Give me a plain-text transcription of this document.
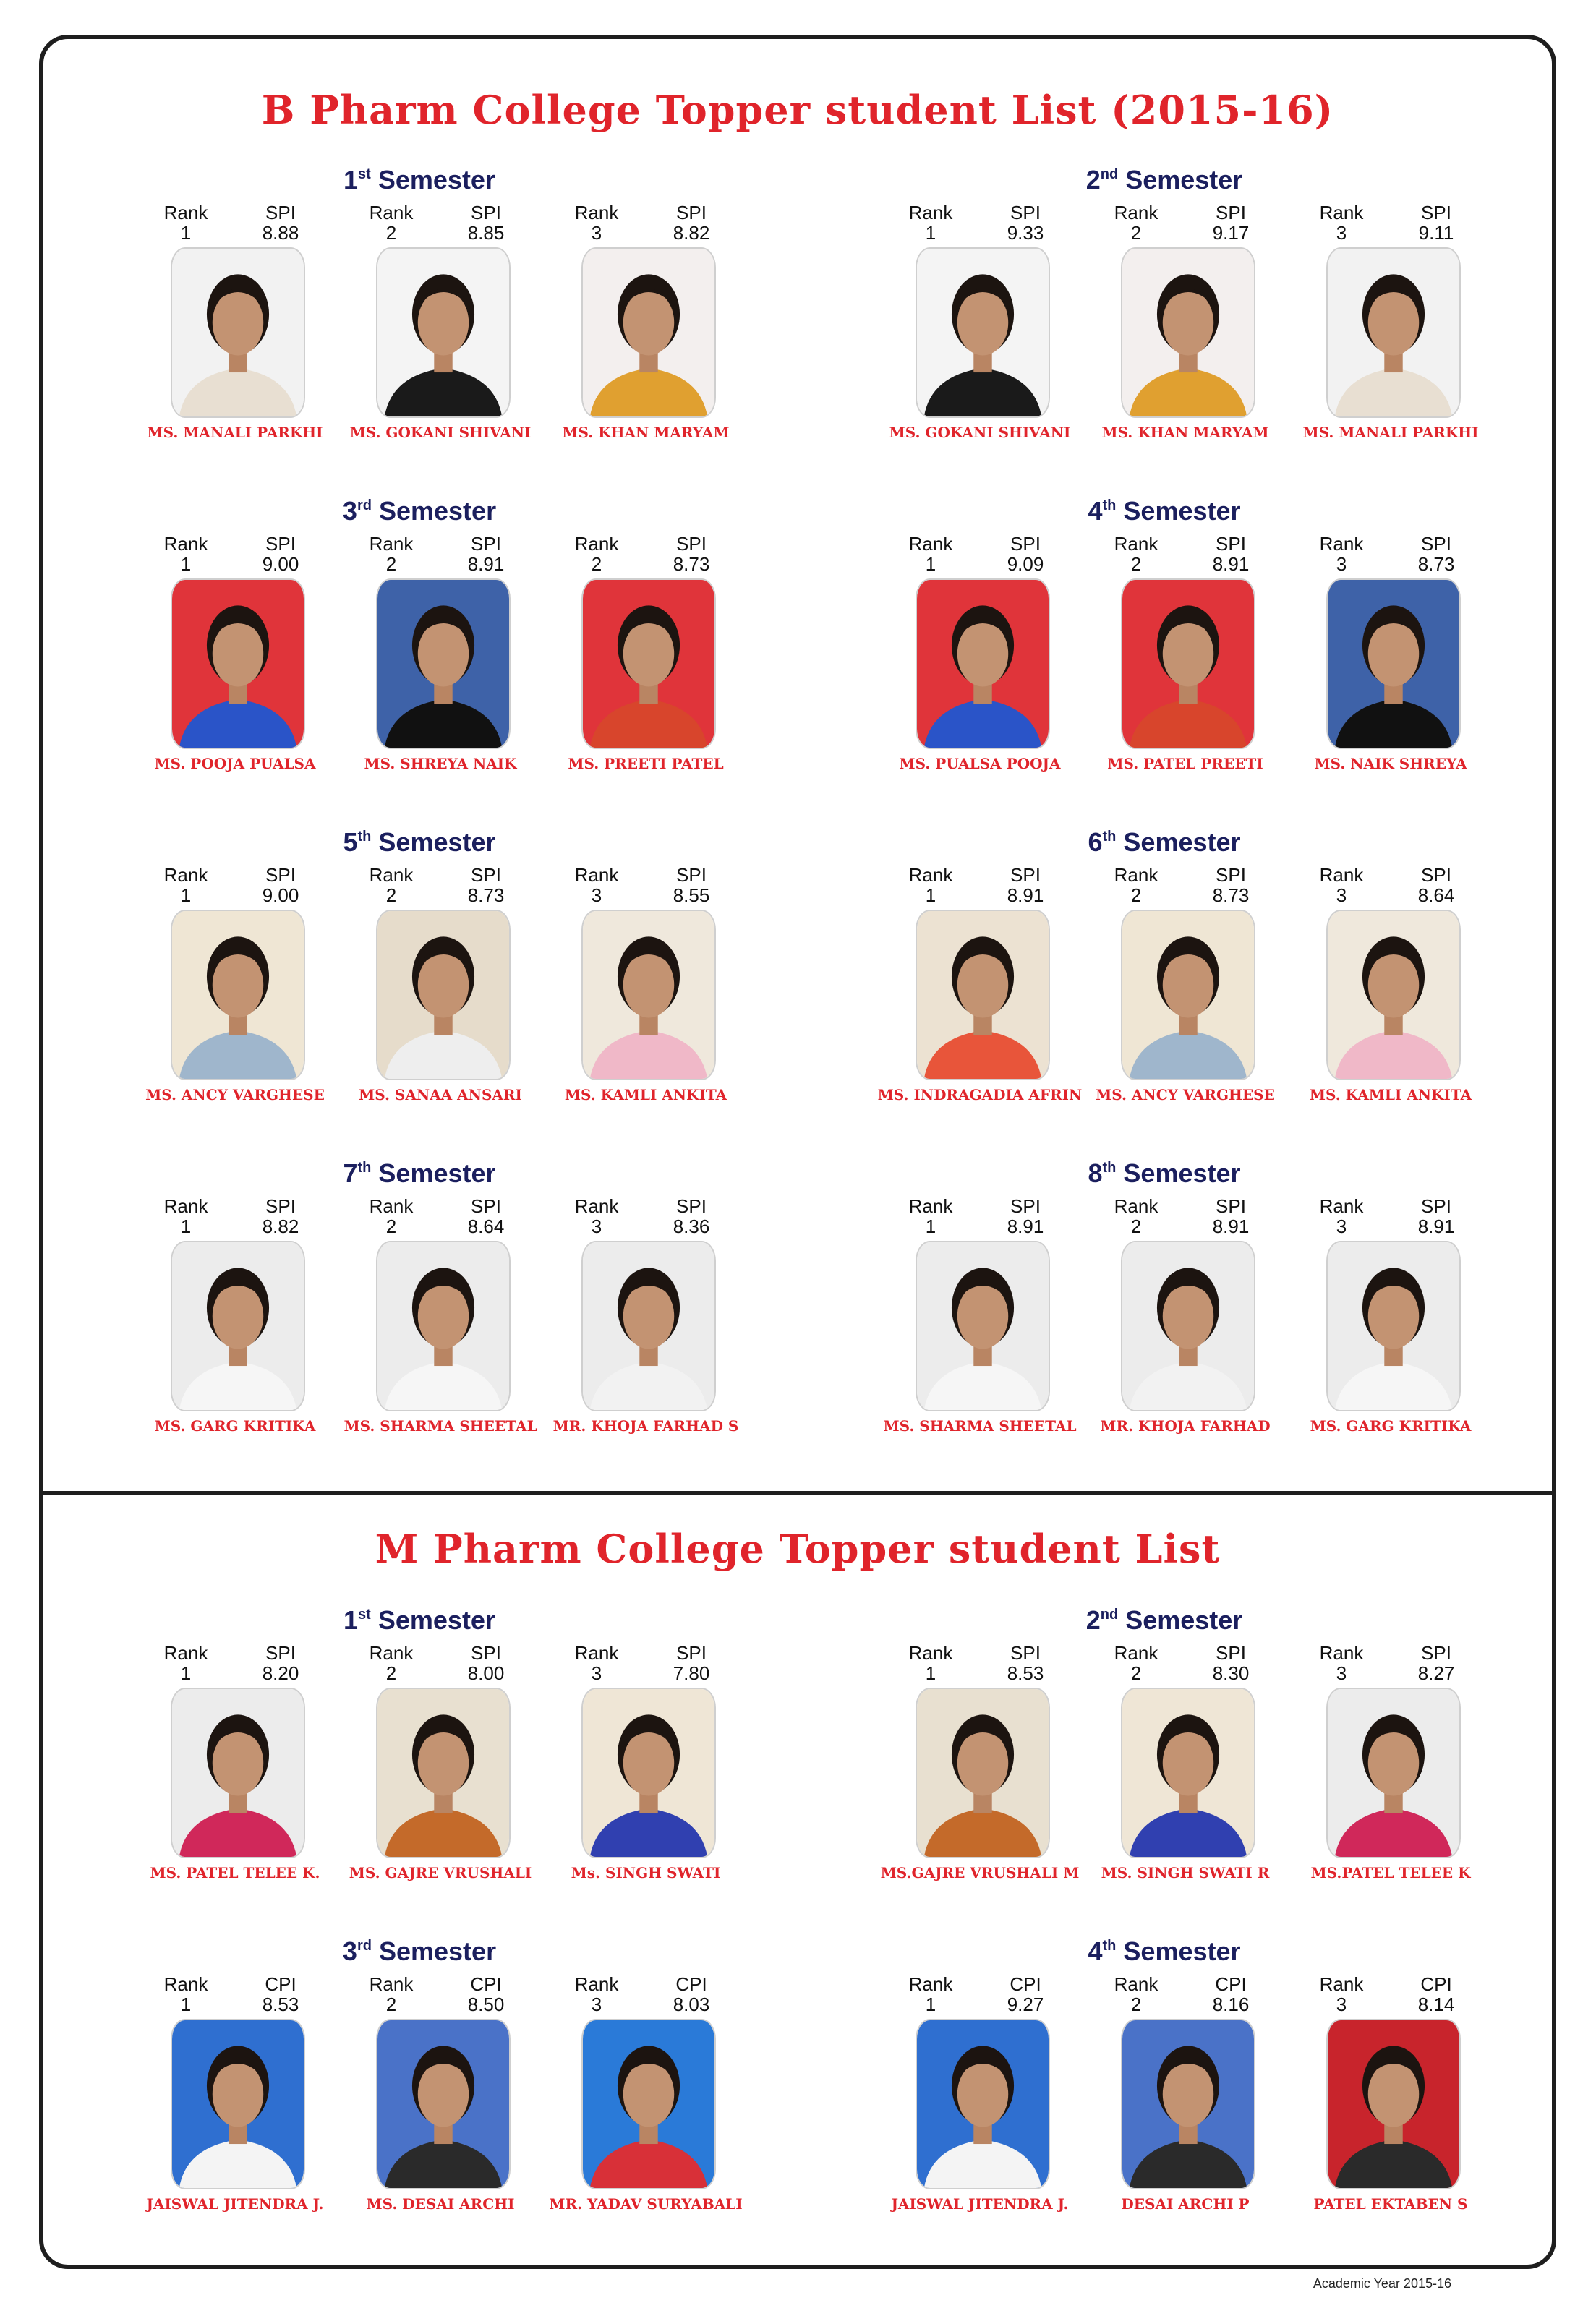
B Pharm College Topper student List (2015-16)
M Pharm College Topper student List
1st Semester
Rank	SPI
1	8.88
MS. MANALI PARKHI
Rank	SPI
2	8.85
MS. GOKANI SHIVANI
Rank	SPI
3	8.82
MS. KHAN MARYAM
2nd Semester
Rank	SPI
1	9.33
MS. GOKANI SHIVANI
Rank	SPI
2	9.17
MS. KHAN MARYAM
Rank	SPI
3	9.11
MS. MANALI PARKHI
3rd Semester
Rank	SPI
1	9.00
MS. POOJA PUALSA
Rank	SPI
2	8.91
MS. SHREYA NAIK
Rank	SPI
2	8.73
MS. PREETI PATEL
4th Semester
Rank	SPI
1	9.09
MS. PUALSA POOJA
Rank	SPI
2	8.91
MS. PATEL PREETI
Rank	SPI
3	8.73
MS. NAIK SHREYA
5th Semester
Rank	SPI
1	9.00
MS. ANCY VARGHESE
Rank	SPI
2	8.73
MS. SANAA ANSARI
Rank	SPI
3	8.55
MS. KAMLI ANKITA
6th Semester
Rank	SPI
1	8.91
MS. INDRAGADIA AFRIN
Rank	SPI
2	8.73
MS. ANCY VARGHESE
Rank	SPI
3	8.64
MS. KAMLI ANKITA
7th Semester
Rank	SPI
1	8.82
MS. GARG KRITIKA
Rank	SPI
2	8.64
MS. SHARMA SHEETAL
Rank	SPI
3	8.36
MR. KHOJA FARHAD S
8th Semester
Rank	SPI
1	8.91
MS. SHARMA SHEETAL
Rank	SPI
2	8.91
MR. KHOJA FARHAD
Rank	SPI
3	8.91
MS. GARG KRITIKA
1st Semester
Rank	SPI
1	8.20
MS. PATEL TELEE K.
Rank	SPI
2	8.00
MS. GAJRE VRUSHALI
Rank	SPI
3	7.80
Ms. SINGH SWATI
2nd Semester
Rank	SPI
1	8.53
MS.GAJRE VRUSHALI M
Rank	SPI
2	8.30
MS. SINGH SWATI R
Rank	SPI
3	8.27
MS.PATEL TELEE K
3rd Semester
Rank	CPI
1	8.53
JAISWAL JITENDRA J.
Rank	CPI
2	8.50
MS. DESAI ARCHI
Rank	CPI
3	8.03
MR. YADAV SURYABALI
4th Semester
Rank	CPI
1	9.27
JAISWAL JITENDRA J.
Rank	CPI
2	8.16
DESAI ARCHI P
Rank	CPI
3	8.14
PATEL EKTABEN S
Academic Year 2015-16
